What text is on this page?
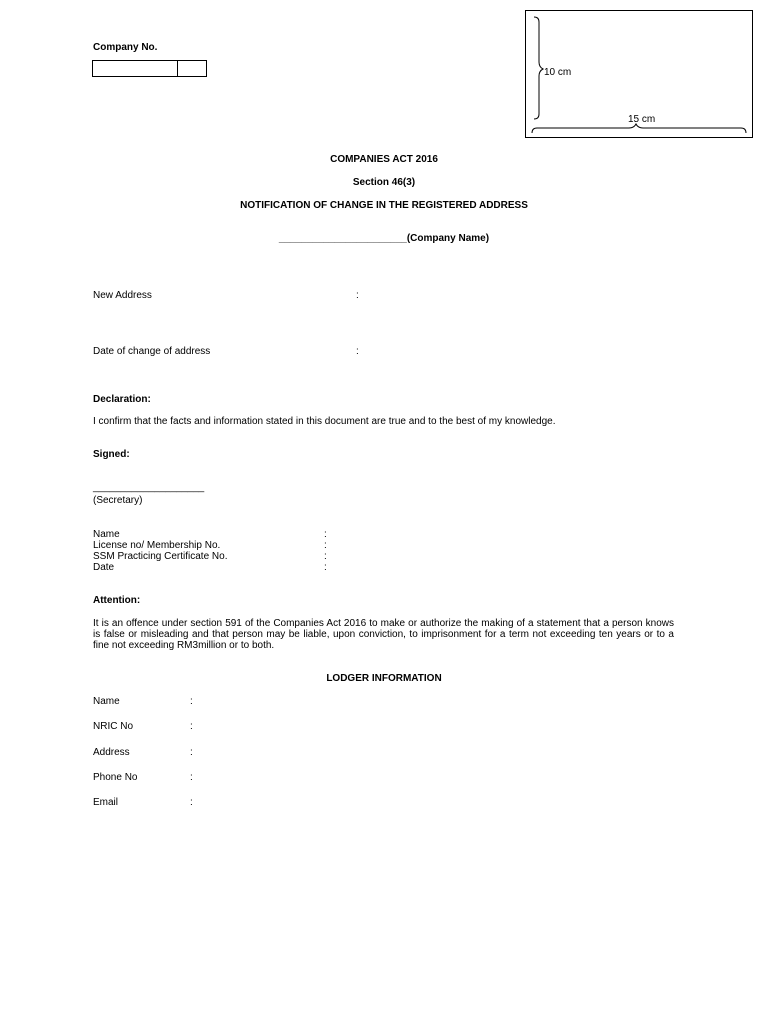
Company No.
10 cm
15 cm
COMPANIES ACT 2016
Section 46(3)
NOTIFICATION OF CHANGE IN THE REGISTERED ADDRESS
_______________________(Company Name)
New Address	:
Date of change of address	:
Declaration:
I confirm that the facts and information stated in this document are true and to the best of my knowledge.
Signed:
____________________
(Secretary)
Name	:
License no/ Membership No.	:
SSM Practicing Certificate No.	:
Date	:
Attention:
It is an offence under section 591 of the Companies Act 2016 to make or authorize the making of a statement that a person knows is false or misleading and that person may be liable, upon conviction, to imprisonment for a term not exceeding ten years or to a fine not exceeding RM3million or to both.
LODGER INFORMATION
Name	:
NRIC No	:
Address	:
Phone No	:
Email	:
